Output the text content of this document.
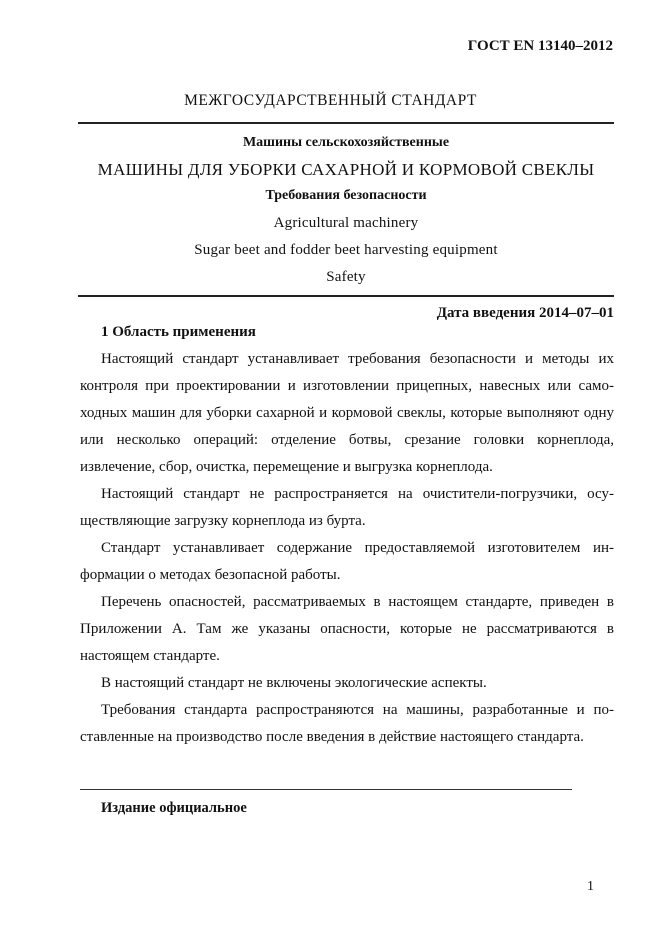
ГОСТ EN 13140–2012
МЕЖГОСУДАРСТВЕННЫЙ СТАНДАРТ
Машины сельскохозяйственные
МАШИНЫ ДЛЯ УБОРКИ САХАРНОЙ И КОРМОВОЙ СВЕКЛЫ
Требования безопасности
Agricultural machinery
Sugar beet and fodder beet harvesting equipment
Safety
Дата введения 2014–07–01
1 Область применения

Настоящий стандарт устанавливает требования безопасности и методы их контроля при проектировании и изготовлении прицепных, навесных или само-ходных машин для уборки сахарной и кормовой свеклы, которые выполняют одну или несколько операций: отделение ботвы, срезание головки корнеплода, извлечение, сбор, очистка, перемещение и выгрузка корнеплода.

Настоящий стандарт не распространяется на очистители-погрузчики, осу-ществляющие загрузку корнеплода из бурта.

Стандарт устанавливает содержание предоставляемой изготовителем ин-формации о методах безопасной работы.

Перечень опасностей, рассматриваемых в настоящем стандарте, приведен в Приложении А. Там же указаны опасности, которые не рассматриваются в настоящем стандарте.

В настоящий стандарт не включены экологические аспекты.

Требования стандарта распространяются на машины, разработанные и по-ставленные на производство после введения в действие настоящего стандарта.

Издание официальное
1
